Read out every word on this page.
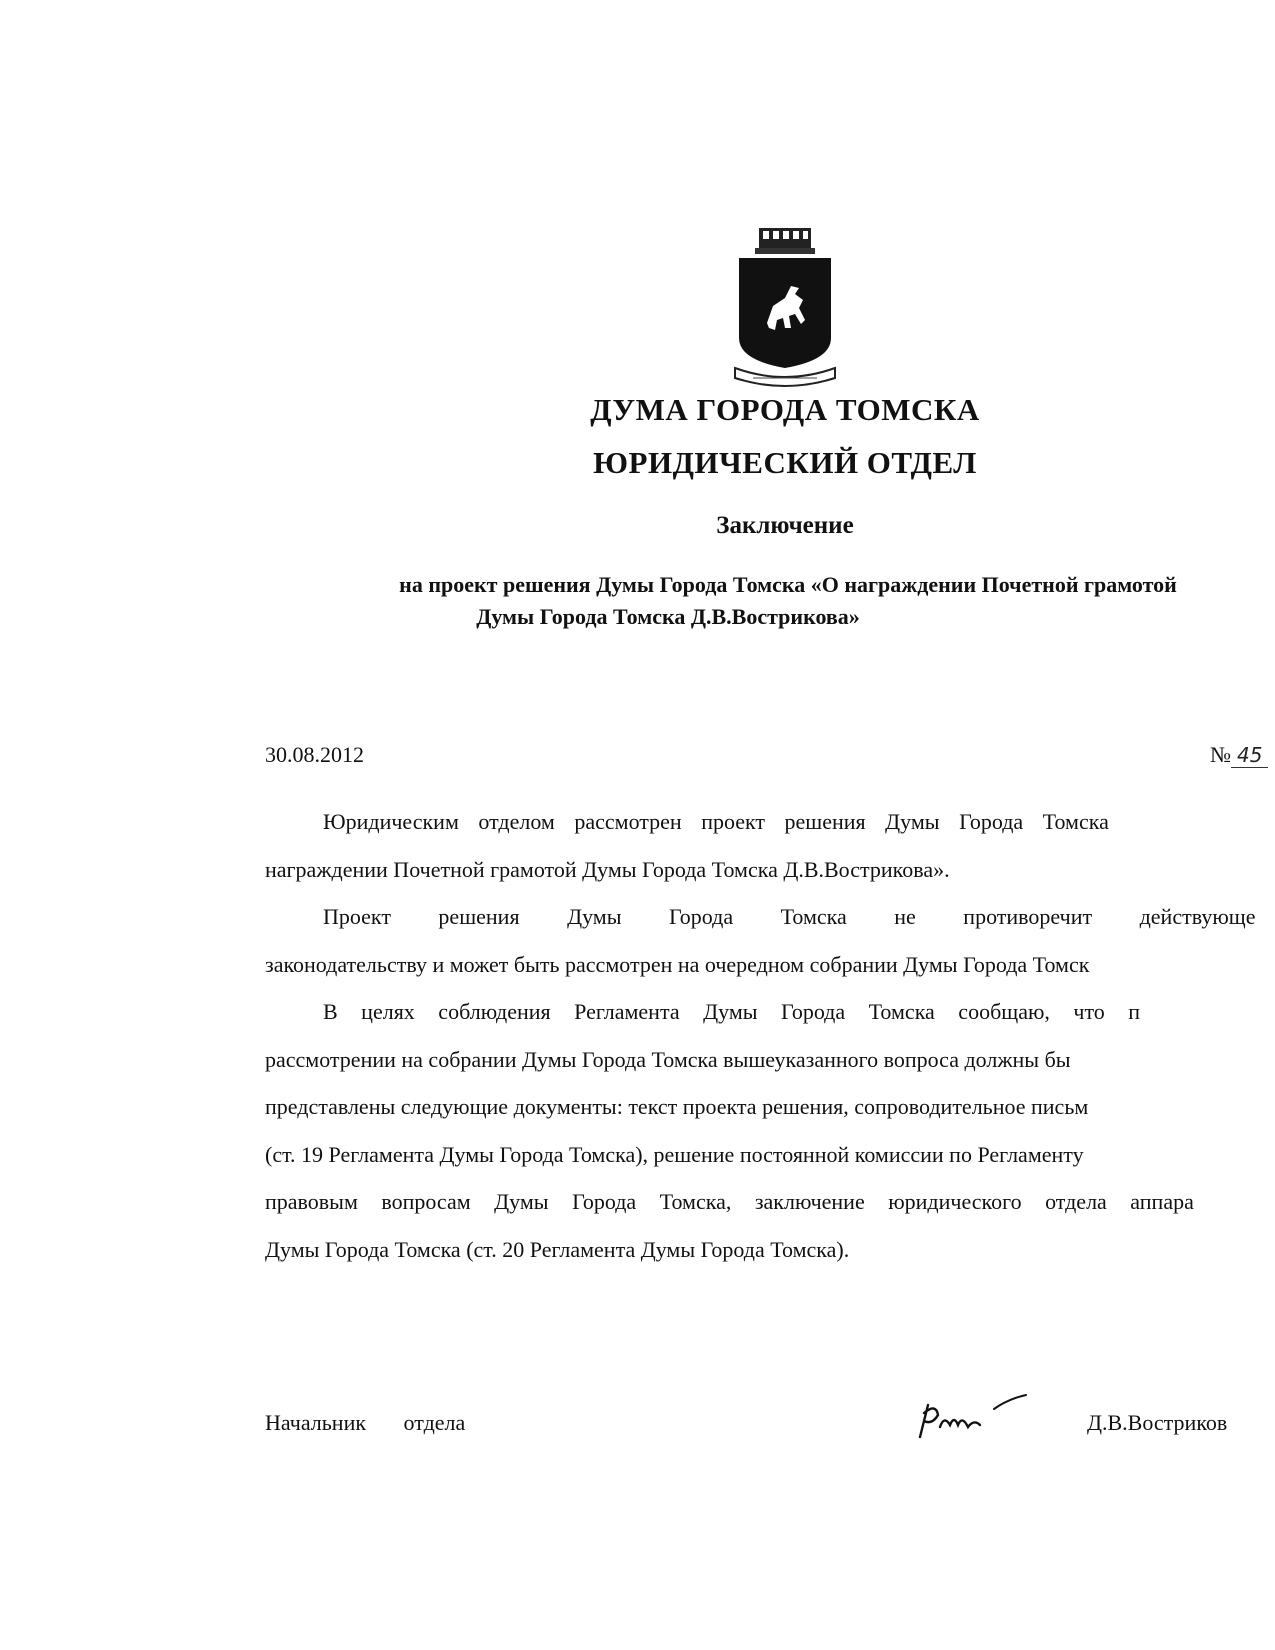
ДУМА ГОРОДА ТОМСКА
ЮРИДИЧЕСКИЙ ОТДЕЛ
Заключение
на проект решения Думы Города Томска «О награждении Почетной грамотой
Думы Города Томска Д.В.Вострикова»
30.08.2012	№ 45

Юридическим отделом рассмотрен проект решения Думы Города Томска

награждении Почетной грамотой Думы Города Томска Д.В.Вострикова».

Проект решения Думы Города Томска не противоречит действующе

законодательству и может быть рассмотрен на очередном собрании Думы Города Томск

В целях соблюдения Регламента Думы Города Томска сообщаю, что п

рассмотрении на собрании Думы Города Томска вышеуказанного вопроса должны бы

представлены следующие документы: текст проекта решения, сопроводительное письм

(ст. 19 Регламента Думы Города Томска), решение постоянной комиссии по Регламенту

правовым вопросам Думы Города Томска, заключение юридического отдела аппара

Думы Города Томска (ст. 20 Регламента Думы Города Томска).

Начальник отдела	Д.В.Востриков
